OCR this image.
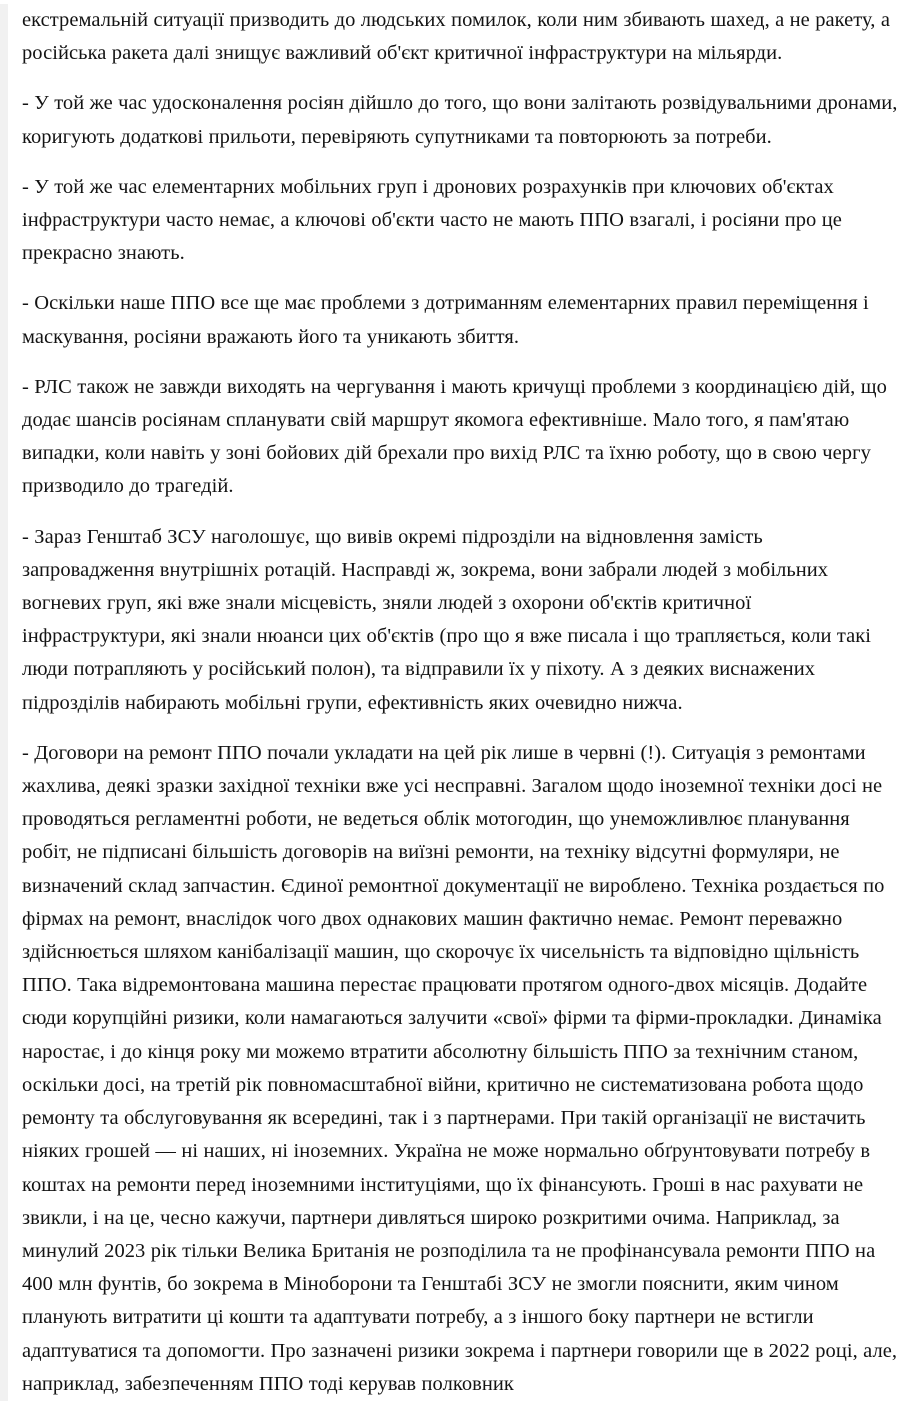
екстремальній ситуації призводить до людських помилок, коли ним збивають шахед, а не ракету, а російська ракета далі знищує важливий об'єкт критичної інфраструктури на мільярди.

- У той же час удосконалення росіян дійшло до того, що вони залітають розвідувальними дронами, коригують додаткові прильоти, перевіряють супутниками та повторюють за потреби.

- У той же час елементарних мобільних груп і дронових розрахунків при ключових об'єктах інфраструктури часто немає, а ключові об'єкти часто не мають ППО взагалі, і росіяни про це прекрасно знають.

- Оскільки наше ППО все ще має проблеми з дотриманням елементарних правил переміщення і маскування, росіяни вражають його та уникають збиття.

- РЛС також не завжди виходять на чергування і мають кричущі проблеми з координацією дій, що додає шансів росіянам спланувати свій маршрут якомога ефективніше. Мало того, я пам'ятаю випадки, коли навіть у зоні бойових дій брехали про вихід РЛС та їхню роботу, що в свою чергу призводило до трагедій.

- Зараз Генштаб ЗСУ наголошує, що вивів окремі підрозділи на відновлення замість запровадження внутрішніх ротацій. Насправді ж, зокрема, вони забрали людей з мобільних вогневих груп, які вже знали місцевість, зняли людей з охорони об'єктів критичної інфраструктури, які знали нюанси цих об'єктів (про що я вже писала і що трапляється, коли такі люди потрапляють у російський полон), та відправили їх у піхоту. А з деяких виснажених підрозділів набирають мобільні групи, ефективність яких очевидно нижча.

- Договори на ремонт ППО почали укладати на цей рік лише в червні (!). Ситуація з ремонтами жахлива, деякі зразки західної техніки вже усі несправні. Загалом щодо іноземної техніки досі не проводяться регламентні роботи, не ведеться облік мотогодин, що унеможливлює планування робіт, не підписані більшість договорів на виїзні ремонти, на техніку відсутні формуляри, не визначений склад запчастин. Єдиної ремонтної документації не вироблено. Техніка роздається по фірмах на ремонт, внаслідок чого двох однакових машин фактично немає. Ремонт переважно здійснюється шляхом канібалізації машин, що скорочує їх чисельність та відповідно щільність ППО. Така відремонтована машина перестає працювати протягом одного-двох місяців. Додайте сюди корупційні ризики, коли намагаються залучити «свої» фірми та фірми-прокладки. Динаміка наростає, і до кінця року ми можемо втратити абсолютну більшість ППО за технічним станом, оскільки досі, на третій рік повномасштабної війни, критично не систематизована робота щодо ремонту та обслуговування як всередині, так і з партнерами. При такій організації не вистачить ніяких грошей — ні наших, ні іноземних. Україна не може нормально обґрунтовувати потребу в коштах на ремонти перед іноземними інституціями, що їх фінансують. Гроші в нас рахувати не звикли, і на це, чесно кажучи, партнери дивляться широко розкритими очима. Наприклад, за минулий 2023 рік тільки Велика Британія не розподілила та не профінансувала ремонти ППО на 400 млн фунтів, бо зокрема в Міноборони та Генштабі ЗСУ не змогли пояснити, яким чином планують витратити ці кошти та адаптувати потребу, а з іншого боку партнери не встигли адаптуватися та допомогти. Про зазначені ризики зокрема і партнери говорили ще в 2022 році, але, наприклад, забезпеченням ППО тоді керував полковник
